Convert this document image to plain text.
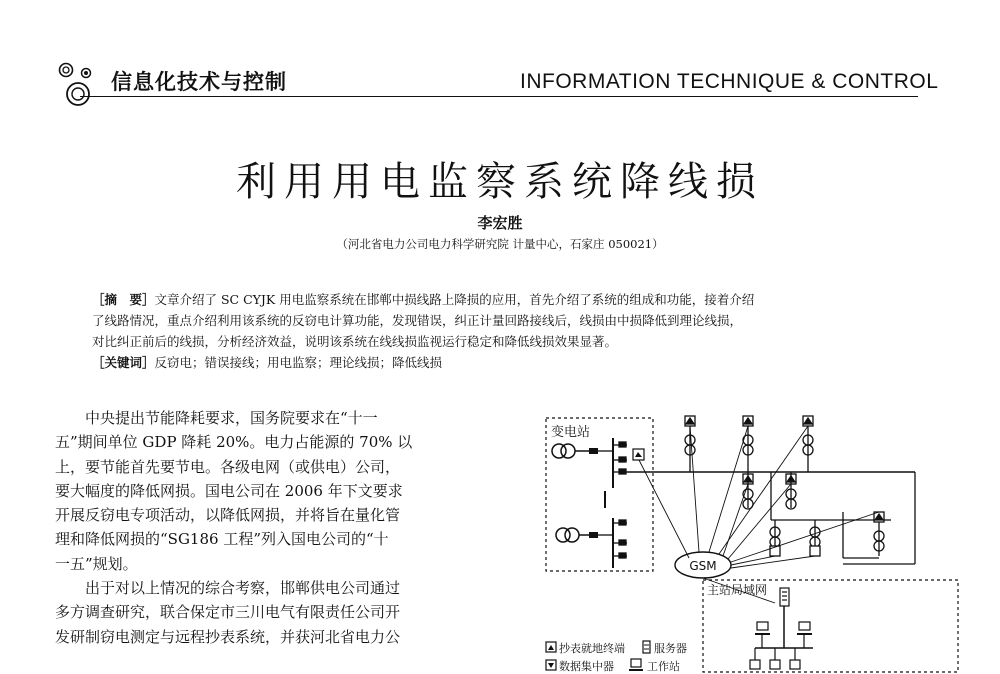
信息化技术与控制	INFORMATION TECHNIQUE & CONTROL
利用用电监察系统降线损
李宏胜
（河北省电力公司电力科学研究院 计量中心，石家庄 050021）
［摘　要］文章介绍了 SC CYJK 用电监察系统在邯郸中损线路上降损的应用，首先介绍了系统的组成和功能，接着介绍
了线路情况，重点介绍利用该系统的反窃电计算功能，发现错误，纠正计量回路接线后，线损由中损降低到理论线损，
对比纠正前后的线损，分析经济效益，说明该系统在线线损监视运行稳定和降低线损效果显著。
［关键词］反窃电；错误接线；用电监察；理论线损；降低线损
　　中央提出节能降耗要求，国务院要求在“十一
五”期间单位 GDP 降耗 20%。电力占能源的 70% 以
上，要节能首先要节电。各级电网（或供电）公司，
要大幅度的降低网损。国电公司在 2006 年下文要求
开展反窃电专项活动，以降低网损，并将旨在量化管
理和降低网损的“SG186 工程”列入国电公司的“十
一五”规划。
　　出于对以上情况的综合考察，邯郸供电公司通过
多方调查研究，联合保定市三川电气有限责任公司开
发研制窃电测定与远程抄表系统，并获河北省电力公
变电站
GSM
主站局域网
抄表就地终端	服务器
数据集中器	工作站
